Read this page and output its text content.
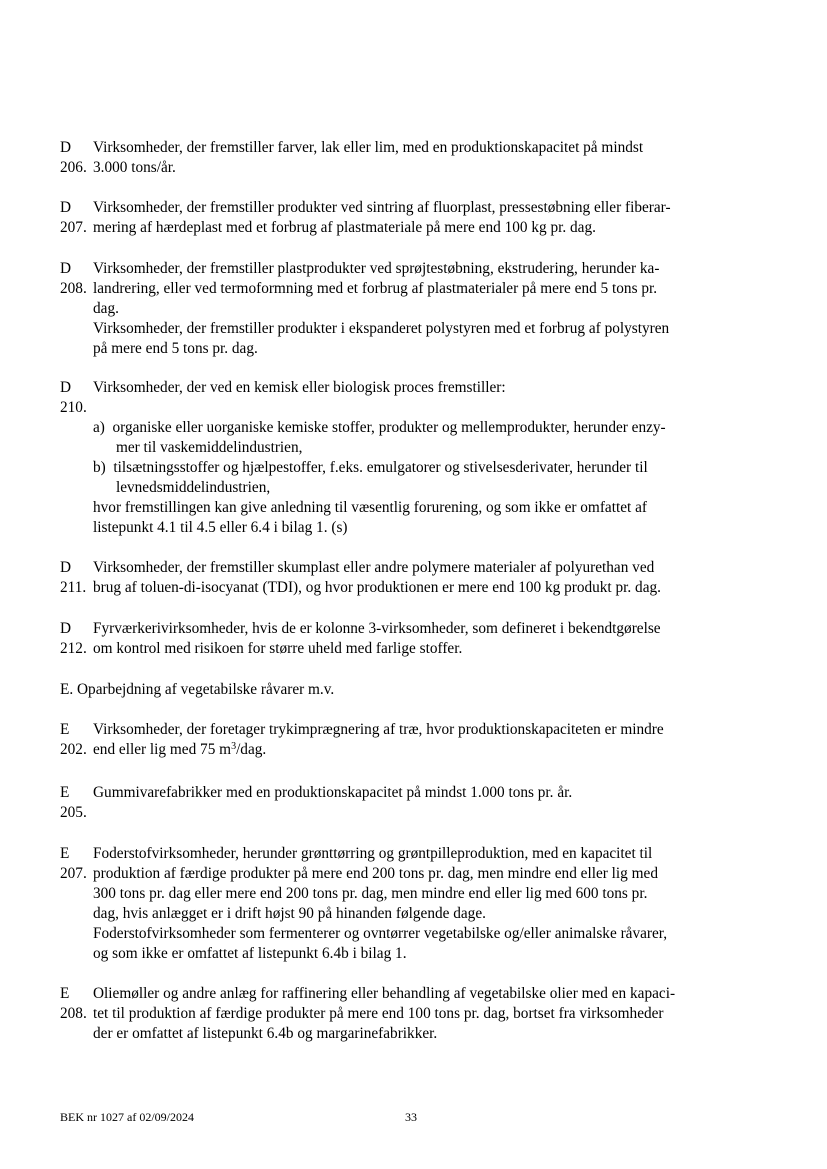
D
206.
Virksomheder, der fremstiller farver, lak eller lim, med en produktionskapacitet på mindst
3.000 tons/år.
D
207.
Virksomheder, der fremstiller produkter ved sintring af fluorplast, pressestøbning eller fiberar-
mering af hærdeplast med et forbrug af plastmateriale på mere end 100 kg pr. dag.
D
208.
Virksomheder, der fremstiller plastprodukter ved sprøjtestøbning, ekstrudering, herunder ka-
landrering, eller ved termoformning med et forbrug af plastmaterialer på mere end 5 tons pr.
dag.
Virksomheder, der fremstiller produkter i ekspanderet polystyren med et forbrug af polystyren
på mere end 5 tons pr. dag.
D
210.
Virksomheder, der ved en kemisk eller biologisk proces fremstiller:

a)  organiske eller uorganiske kemiske stoffer, produkter og mellemprodukter, herunder enzy-
mer til vaskemiddelindustrien,
b)  tilsætningsstoffer og hjælpestoffer, f.eks. emulgatorer og stivelsesderivater, herunder til
levnedsmiddelindustrien,
hvor fremstillingen kan give anledning til væsentlig forurening, og som ikke er omfattet af
listepunkt 4.1 til 4.5 eller 6.4 i bilag 1. (s)
D
211.
Virksomheder, der fremstiller skumplast eller andre polymere materialer af polyurethan ved
brug af toluen-di-isocyanat (TDI), og hvor produktionen er mere end 100 kg produkt pr. dag.
D
212.
Fyrværkerivirksomheder, hvis de er kolonne 3-virksomheder, som defineret i bekendtgørelse
om kontrol med risikoen for større uheld med farlige stoffer.
E. Oparbejdning af vegetabilske råvarer m.v.
E
202.
Virksomheder, der foretager trykimprægnering af træ, hvor produktionskapaciteten er mindre
end eller lig med 75 $m^3$/dag.
E
205.
Gummivarefabrikker med en produktionskapacitet på mindst 1.000 tons pr. år.
E
207.
Foderstofvirksomheder, herunder grønttørring og grøntpilleproduktion, med en kapacitet til
produktion af færdige produkter på mere end 200 tons pr. dag, men mindre end eller lig med
300 tons pr. dag eller mere end 200 tons pr. dag, men mindre end eller lig med 600 tons pr.
dag, hvis anlægget er i drift højst 90 på hinanden følgende dage.
Foderstofvirksomheder som fermenterer og ovntørrer vegetabilske og/eller animalske råvarer,
og som ikke er omfattet af listepunkt 6.4b i bilag 1.
E
208.
Oliemøller og andre anlæg for raffinering eller behandling af vegetabilske olier med en kapaci-
tet til produktion af færdige produkter på mere end 100 tons pr. dag, bortset fra virksomheder
der er omfattet af listepunkt 6.4b og margarinefabrikker.
BEK nr 1027 af 02/09/2024	33
